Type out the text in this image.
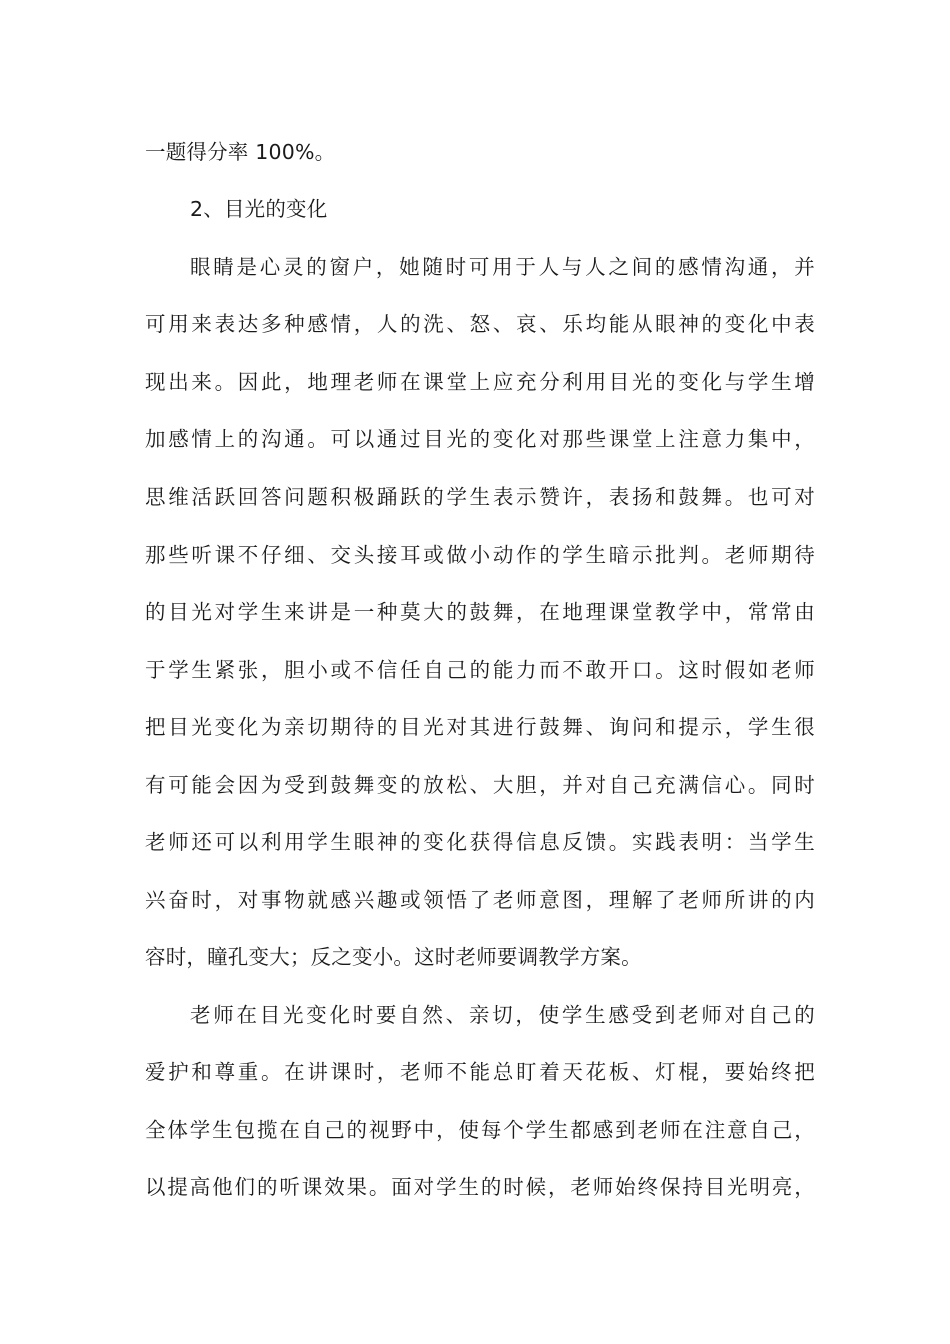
一题得分率 100%。
2、目光的变化
眼睛是心灵的窗户，她随时可用于人与人之间的感情沟通，并
可用来表达多种感情，人的洗、怒、哀、乐均能从眼神的变化中表
现出来。因此，地理老师在课堂上应充分利用目光的变化与学生增
加感情上的沟通。可以通过目光的变化对那些课堂上注意力集中，
思维活跃回答问题积极踊跃的学生表示赞许，表扬和鼓舞。也可对
那些听课不仔细、交头接耳或做小动作的学生暗示批判。老师期待
的目光对学生来讲是一种莫大的鼓舞，在地理课堂教学中，常常由
于学生紧张，胆小或不信任自己的能力而不敢开口。这时假如老师
把目光变化为亲切期待的目光对其进行鼓舞、询问和提示，学生很
有可能会因为受到鼓舞变的放松、大胆，并对自己充满信心。同时
老师还可以利用学生眼神的变化获得信息反馈。实践表明：当学生
兴奋时，对事物就感兴趣或领悟了老师意图，理解了老师所讲的内
容时，瞳孔变大；反之变小。这时老师要调教学方案。
老师在目光变化时要自然、亲切，使学生感受到老师对自己的
爱护和尊重。在讲课时，老师不能总盯着天花板、灯棍，要始终把
全体学生包揽在自己的视野中，使每个学生都感到老师在注意自己，
以提高他们的听课效果。面对学生的时候，老师始终保持目光明亮，
